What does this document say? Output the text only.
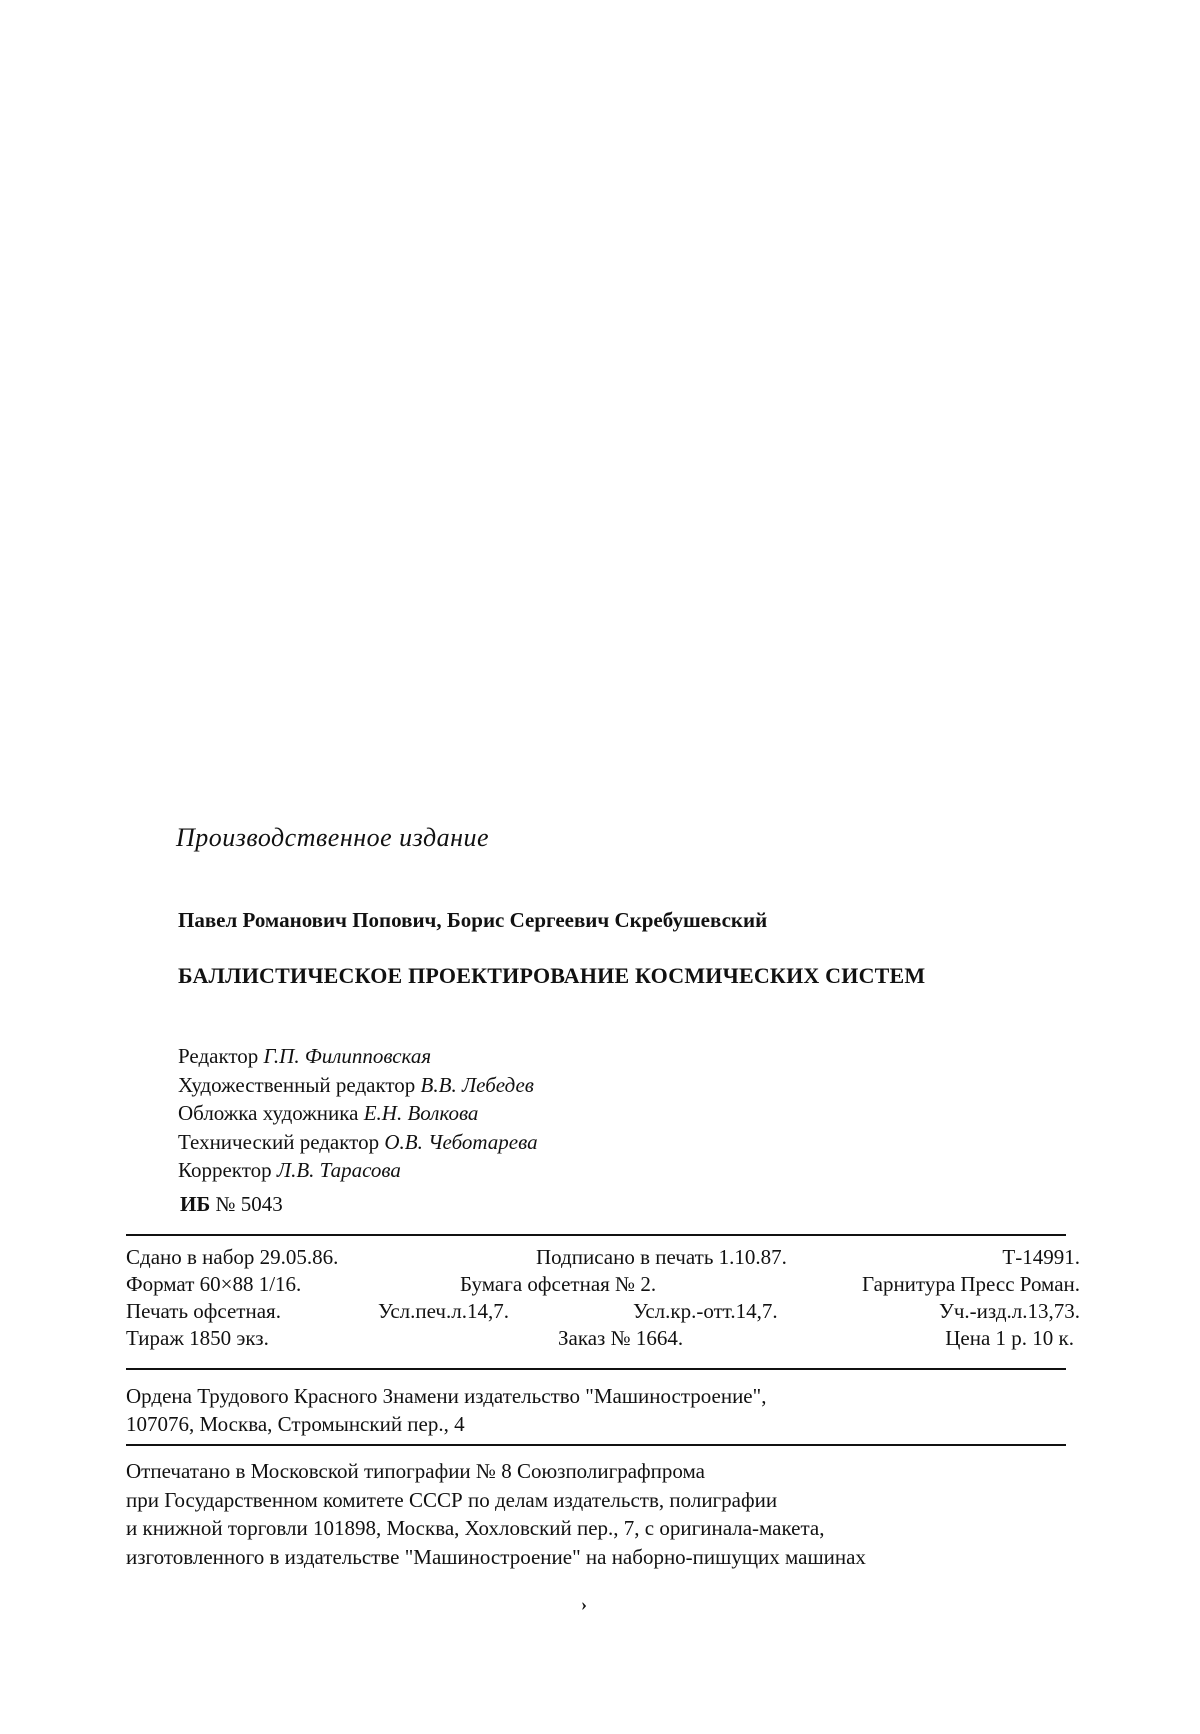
Производственное издание
Павел Романович Попович, Борис Сергеевич Скребушевский
БАЛЛИСТИЧЕСКОЕ ПРОЕКТИРОВАНИЕ КОСМИЧЕСКИХ СИСТЕМ
Редактор Г.П. Филипповская
Художественный редактор В.В. Лебедев
Обложка художника Е.Н. Волкова
Технический редактор О.В. Чеботарева
Корректор Л.В. Тарасова
ИБ № 5043
Сдано в набор 29.05.86.	Подписано в печать 1.10.87.	Т-14991.
Формат 60×88 1/16.	Бумага офсетная № 2.	Гарнитура Пресс Роман.
Печать офсетная.	Усл.печ.л.14,7.	Усл.кр.-отт.14,7.	Уч.-изд.л.13,73.
Тираж 1850 экз.	Заказ № 1664.	Цена 1 р. 10 к.
Ордена Трудового Красного Знамени издательство "Машиностроение",
107076, Москва, Стромынский пер., 4
Отпечатано в Московской типографии № 8 Союзполиграфпрома
при Государственном комитете СССР по делам издательств, полиграфии
и книжной торговли 101898, Москва, Хохловский пер., 7, с оригинала-макета,
изготовленного в издательстве "Машиностроение" на наборно-пишущих машинах
›
